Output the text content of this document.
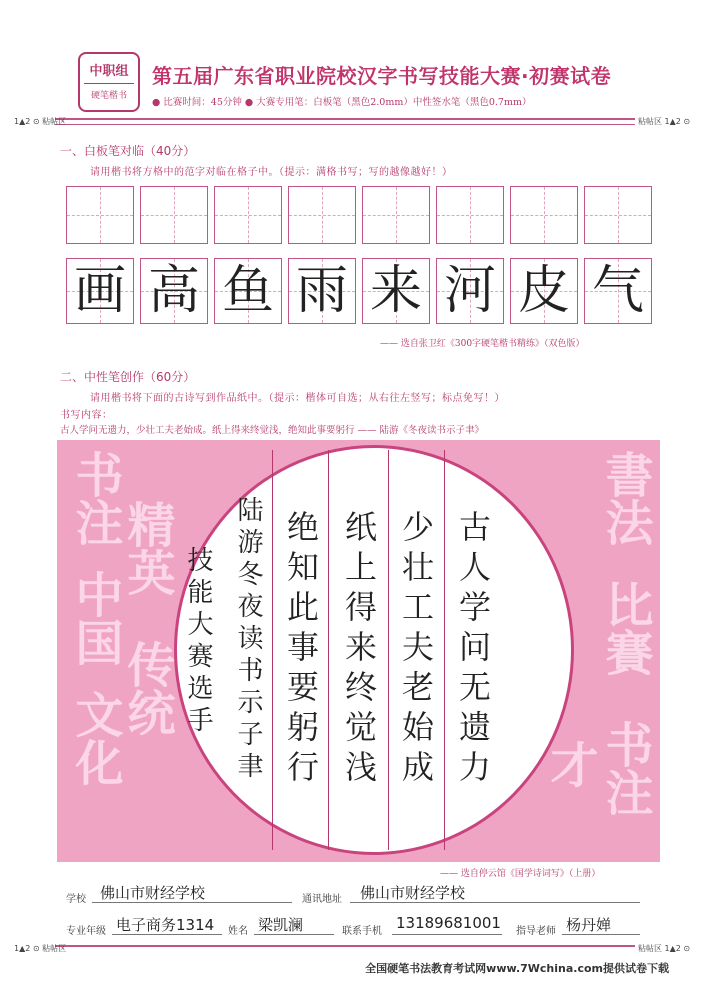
中职组
硬笔楷书
第五届广东省职业院校汉字书写技能大赛·初赛试卷
● 比赛时间：45分钟 ● 大赛专用笔：白板笔（黑色2.0mm）中性签水笔（黑色0.7mm）
1▲2 ⊙ 粘帖区	粘帖区 1▲2 ⊙
一、白板笔对临（40分）
请用楷书将方格中的范字对临在格子中。（提示：满格书写；写的越像越好！）
画 高 鱼 雨 来 河 皮 气
—— 选自张卫红《300字硬笔楷书精练》（双色版）
二、中性笔创作（60分）
请用楷书将下面的古诗写到作品纸中。（提示：楷体可自选；从右往左竖写；标点免写！）
书写内容：
古人学问无遗力，少壮工夫老始成。纸上得来终觉浅，绝知此事要躬行 —— 陆游《冬夜读书示子聿》
书注
中国
文化
精英
传统
書法
比賽
书注
才
古人学问无遗力
少壮工夫老始成
纸上得来终觉浅
绝知此事要躬行
陆游冬夜读书示子聿
技能大赛选手
—— 选自停云馆《国学诗词写》（上册）
学校 佛山市财经学校	通讯地址 佛山市财经学校
专业年级 电子商务1314 姓名 梁凯澜	联系手机 13189681001 指导老师 杨丹婵
1▲2 ⊙ 粘帖区	粘帖区 1▲2 ⊙
全国硬笔书法教育考试网www.7Wchina.com提供试卷下载
